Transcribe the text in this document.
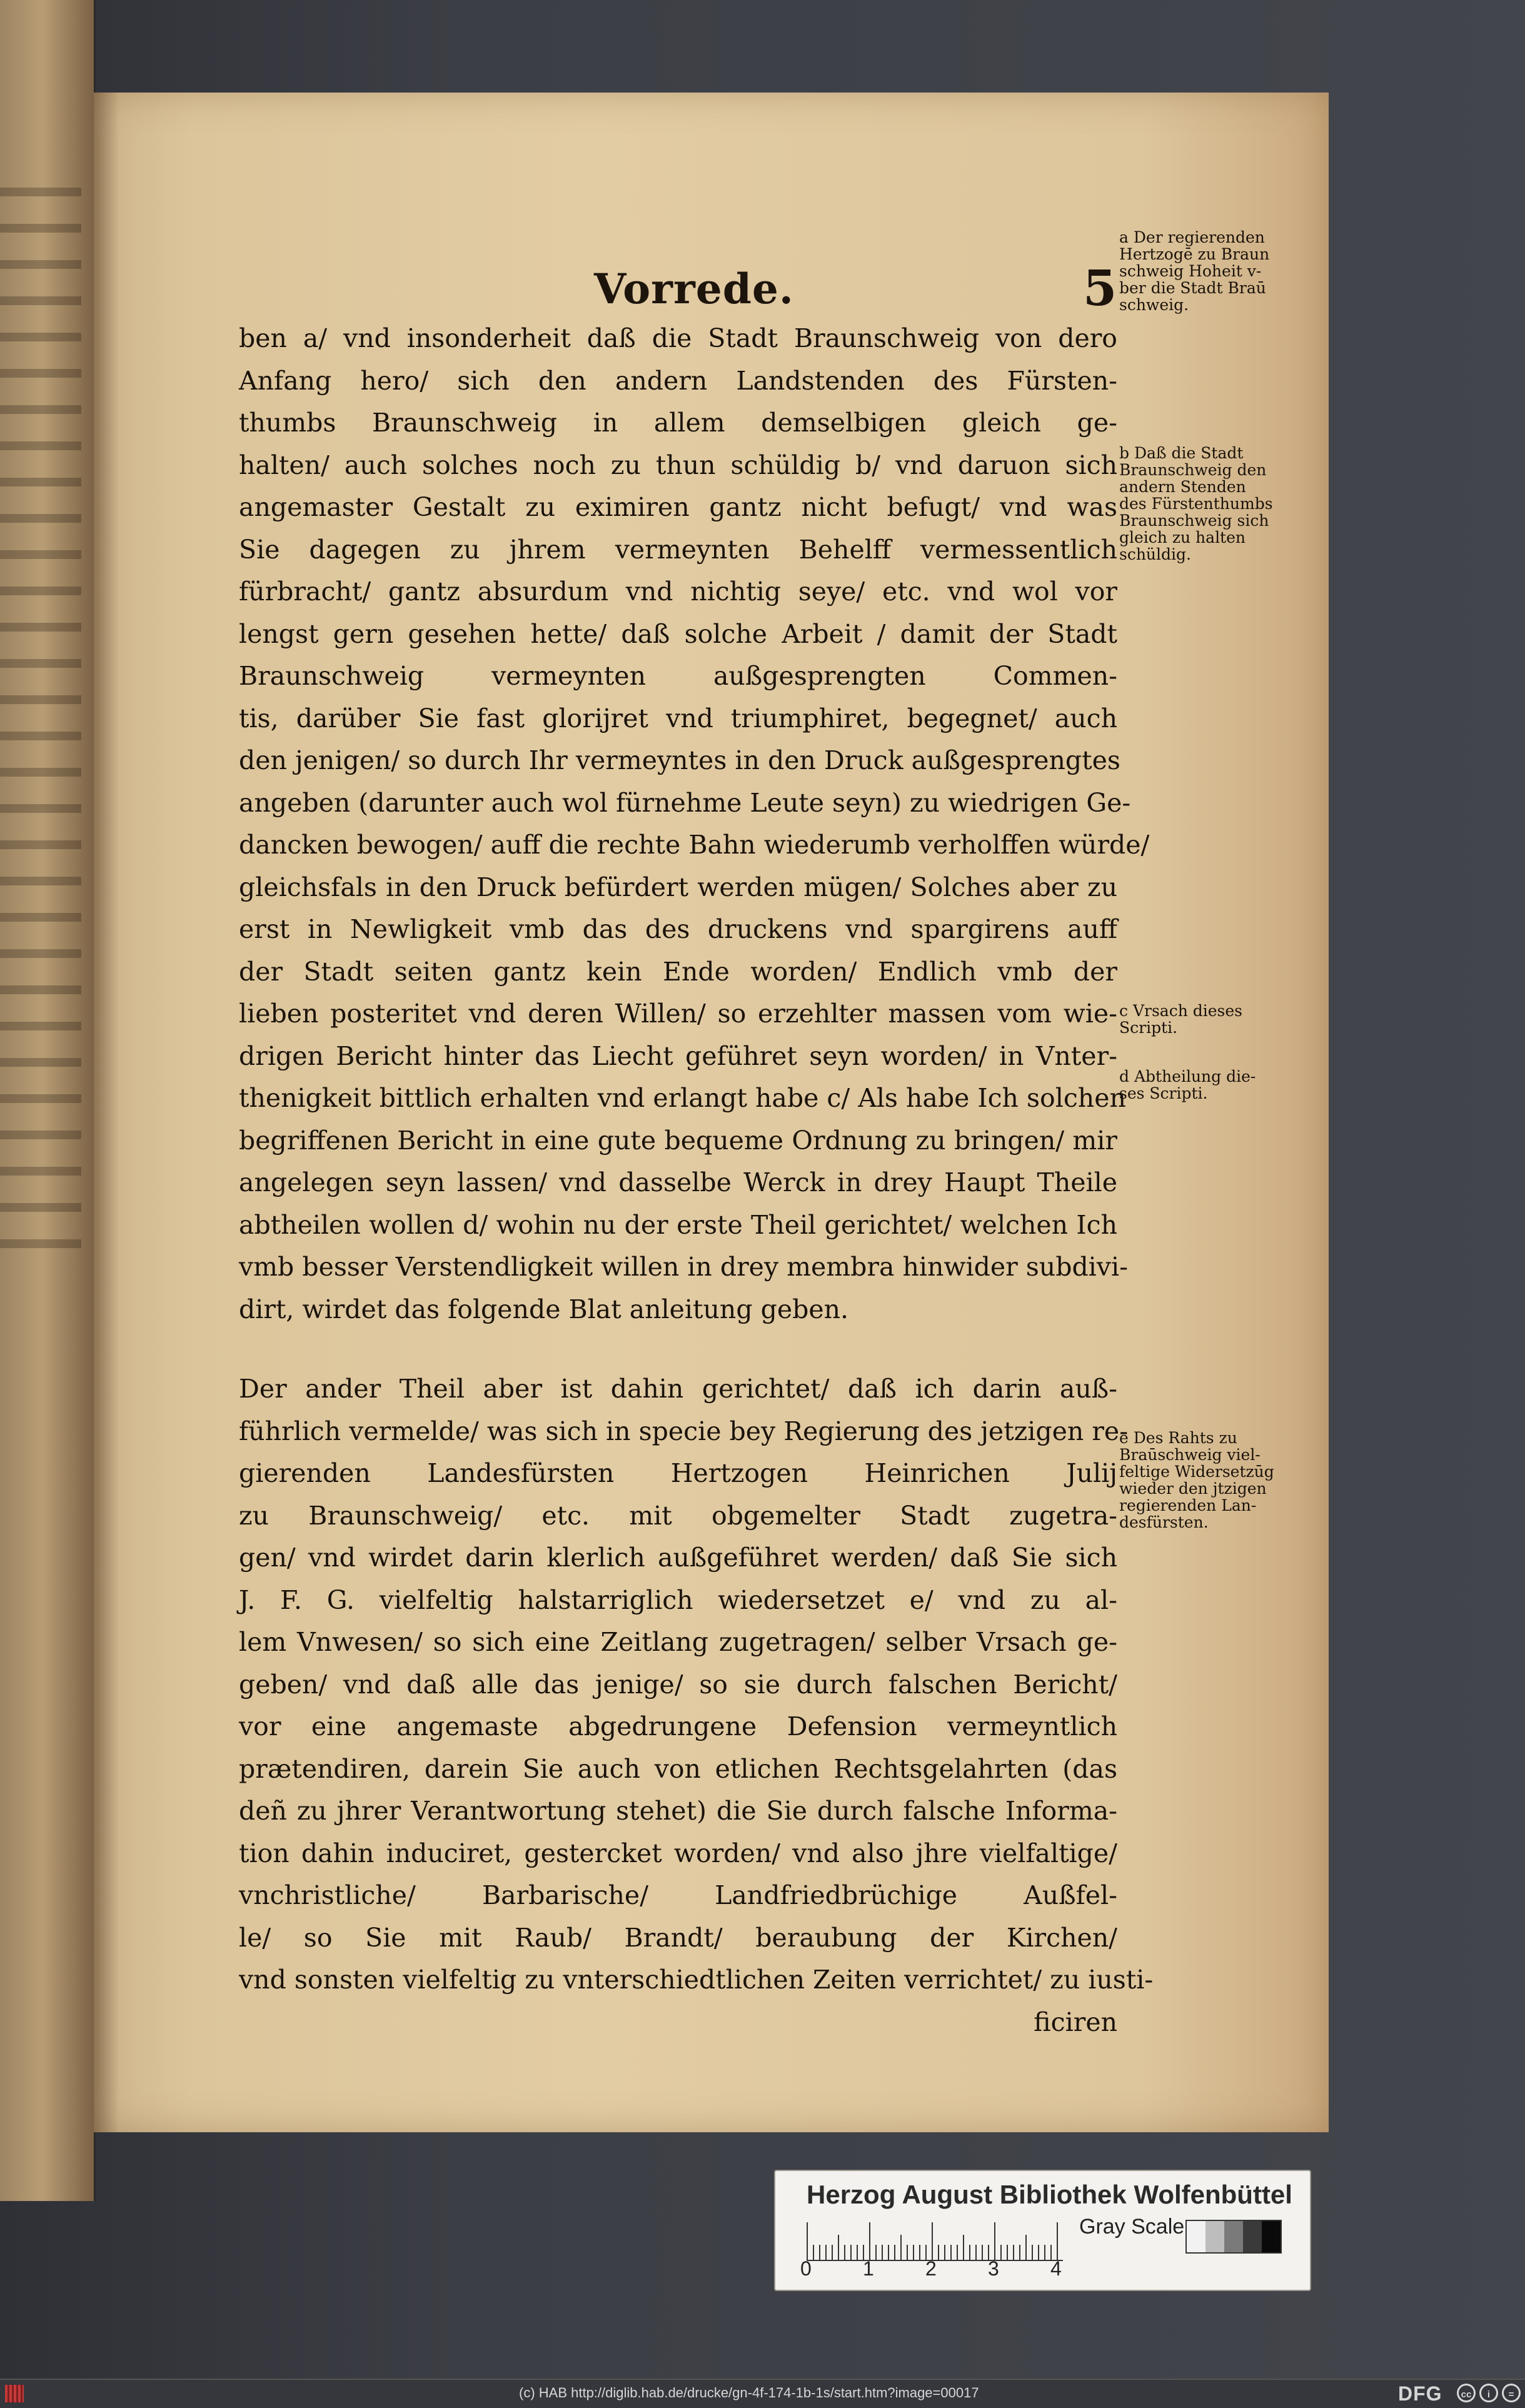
Vorrede.	5
ben a/ vnd insonderheit daß die Stadt Braunschweig von dero
Anfang hero/ sich den andern Landstenden des Fürsten-
thumbs Braunschweig in allem demselbigen gleich ge-
halten/ auch solches noch zu thun schüldig b/ vnd daruon sich
angemaster Gestalt zu eximiren gantz nicht befugt/ vnd was
Sie dagegen zu jhrem vermeynten Behelff vermessentlich
fürbracht/ gantz absurdum vnd nichtig seye/ etc. vnd wol vor
lengst gern gesehen hette/ daß solche Arbeit / damit der Stadt
Braunschweig vermeynten außgesprengten Commen-
tis, darüber Sie fast glorijret vnd triumphiret, begegnet/ auch
den jenigen/ so durch Ihr vermeyntes in den Druck außgesprengtes
angeben (darunter auch wol fürnehme Leute seyn) zu wiedrigen Ge-
dancken bewogen/ auff die rechte Bahn wiederumb verholffen würde/
gleichsfals in den Druck befürdert werden mügen/ Solches aber zu
erst in Newligkeit vmb das des druckens vnd spargirens auff
der Stadt seiten gantz kein Ende worden/ Endlich vmb der
lieben posteritet vnd deren Willen/ so erzehlter massen vom wie-
drigen Bericht hinter das Liecht geführet seyn worden/ in Vnter-
thenigkeit bittlich erhalten vnd erlangt habe c/ Als habe Ich solchen
begriffenen Bericht in eine gute bequeme Ordnung zu bringen/ mir
angelegen seyn lassen/ vnd dasselbe Werck in drey Haupt Theile
abtheilen wollen d/ wohin nu der erste Theil gerichtet/ welchen Ich
vmb besser Verstendligkeit willen in drey membra hinwider subdivi-
dirt, wirdet das folgende Blat anleitung geben.
Der ander Theil aber ist dahin gerichtet/ daß ich darin auß-
führlich vermelde/ was sich in specie bey Regierung des jetzigen re-
gierenden Landesfürsten Hertzogen Heinrichen Julij
zu Braunschweig/ etc. mit obgemelter Stadt zugetra-
gen/ vnd wirdet darin klerlich außgeführet werden/ daß Sie sich
J. F. G. vielfeltig halstarriglich wiedersetzet e/ vnd zu al-
lem Vnwesen/ so sich eine Zeitlang zugetragen/ selber Vrsach ge-
geben/ vnd daß alle das jenige/ so sie durch falschen Bericht/
vor eine angemaste abgedrungene Defension vermeyntlich
prætendiren, darein Sie auch von etlichen Rechtsgelahrten (das
deñ zu jhrer Verantwortung stehet) die Sie durch falsche Informa-
tion dahin induciret, gestercket worden/ vnd also jhre vielfaltige/
vnchristliche/ Barbarische/ Landfriedbrüchige Außfel-
le/ so Sie mit Raub/ Brandt/ beraubung der Kirchen/
vnd sonsten vielfeltig zu vnterschiedtlichen Zeiten verrichtet/ zu iusti-
ficiren
a Der regierenden
Hertzogē zu Braun
schweig Hoheit v-
ber die Stadt Braū
schweig.
b Daß die Stadt
Braunschweig den
andern Stenden
des Fürstenthumbs
Braunschweig sich
gleich zu halten
schüldig.
c Vrsach dieses
Scripti.
d Abtheilung die-
ses Scripti.
e Des Rahts zu
Braūschweig viel-
feltige Widersetzūg
wieder den jtzigen
regierenden Lan-
desfürsten.
Herzog August Bibliothek Wolfenbüttel
0	1	2	3	4
Gray Scale
(c) HAB http://diglib.hab.de/drucke/gn-4f-174-1b-1s/start.htm?image=00017	DFG	cc	i	=
